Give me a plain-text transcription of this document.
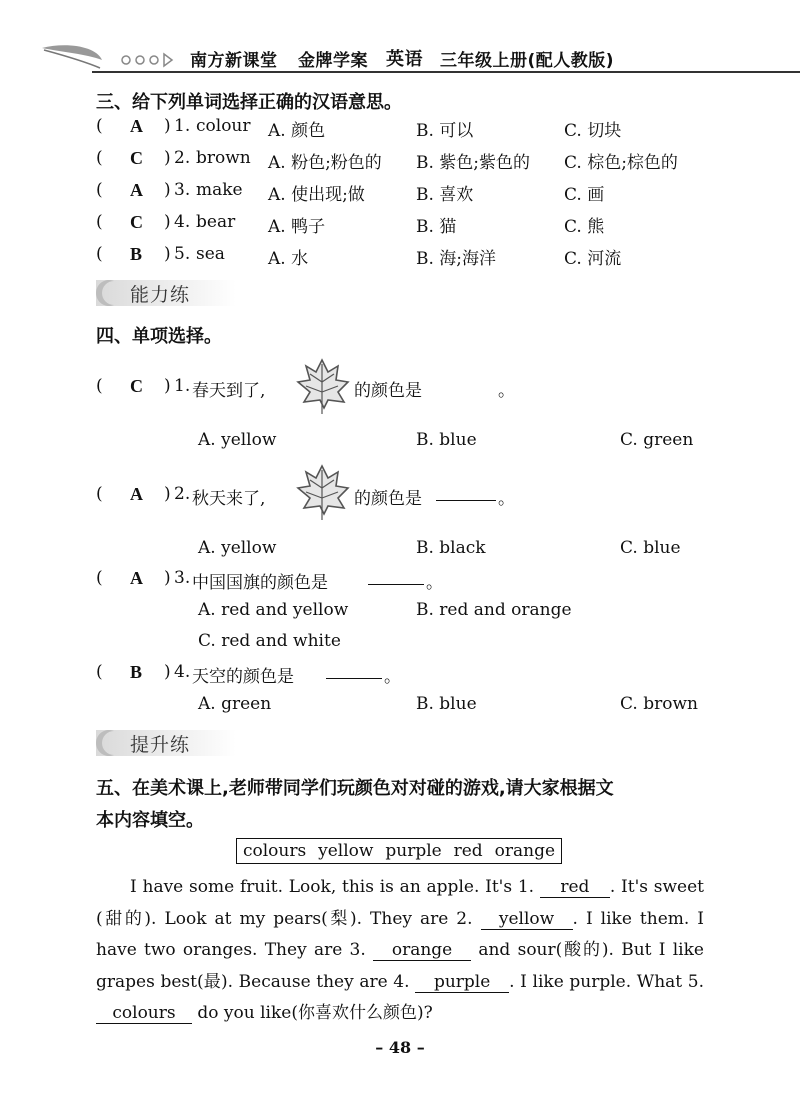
南方新课堂 金牌学案 英语 三年级上册(配人教版)
三、给下列单词选择正确的汉语意思。
( A ) 1. colour A. 颜色	B. 可以	C. 切块
( C ) 2. brown A. 粉色;粉色的 B. 紫色;紫色的 C. 棕色;棕色的
( A ) 3. make A. 使出现;做	B. 喜欢	C. 画
( C ) 4. bear A. 鸭子	B. 猫	C. 熊
( B ) 5. sea	A. 水	B. 海;海洋	C. 河流
能力练
四、单项选择。
( C ) 1. 春天到了,	的颜色是	。
A. yellow	B. blue	C. green
( A ) 2. 秋天来了,	的颜色是	。
A. yellow	B. black	C. blue
( A ) 3. 中国国旗的颜色是	。
A. red and yellow	B. red and orange
C. red and white
( B ) 4. 天空的颜色是	。
A. green	B. blue	C. brown
提升练
五、在美术课上,老师带同学们玩颜色对对碰的游戏,请大家根据文
本内容填空。
colours yellow purple red orange
I have some fruit. Look, this is an apple. It's 1. red . It's sweet (甜的). Look at my pears(梨). They are 2. yellow . I like them. I have two oranges. They are 3. orange and sour(酸的). But I like grapes best(最). Because they are 4. purple . I like purple. What 5. colours do you like(你喜欢什么颜色)?
– 48 –
